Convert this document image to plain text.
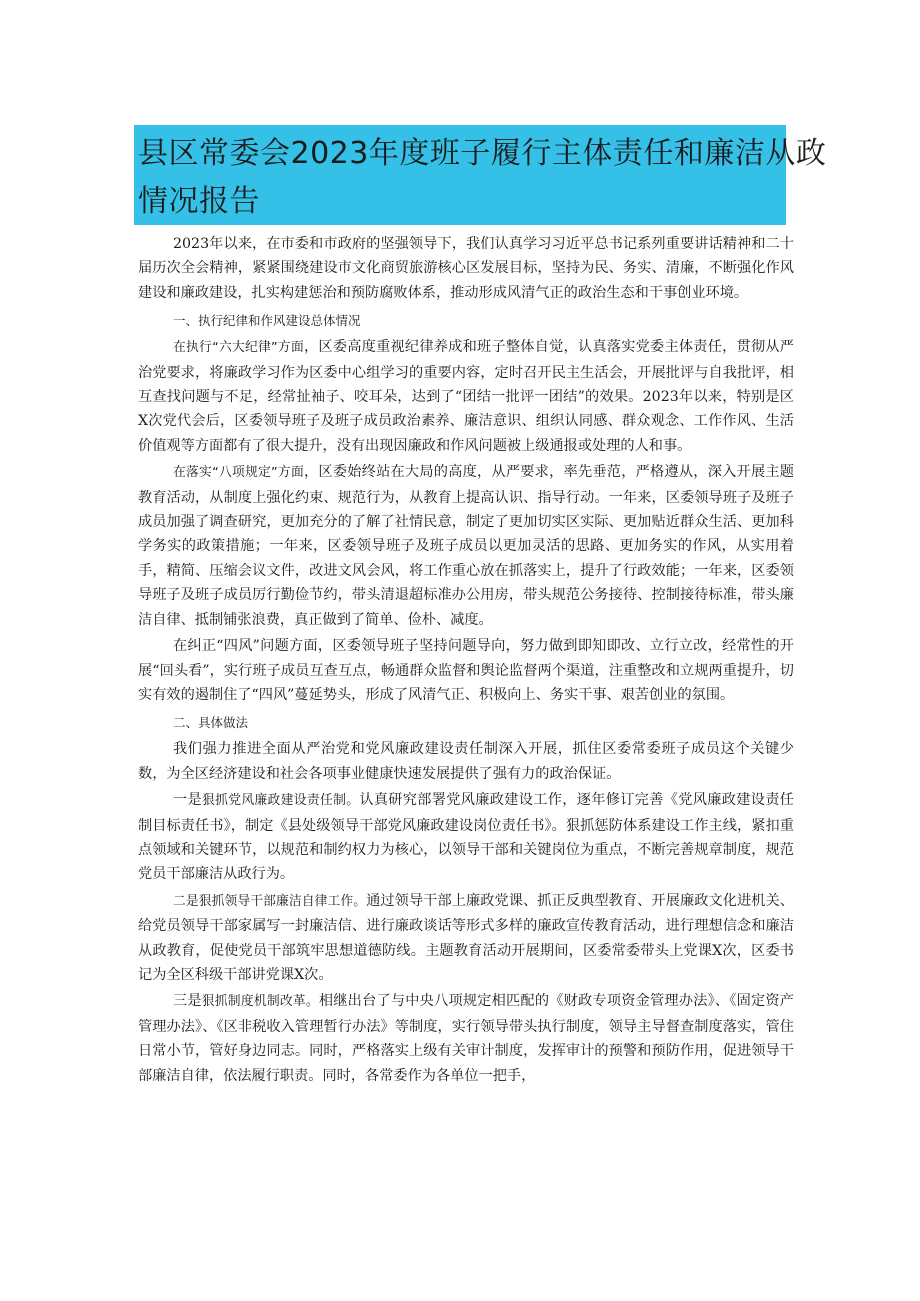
县区常委会2023年度班子履行主体责任和廉洁从政
情况报告

2023年以来，在市委和市政府的坚强领导下，我们认真学习习近平总书记系列重要讲话精神和二十届历次全会精神，紧紧围绕建设市文化商贸旅游核心区发展目标，坚持为民、务实、清廉，不断强化作风建设和廉政建设，扎实构建惩治和预防腐败体系，推动形成风清气正的政治生态和干事创业环境。

一、执行纪律和作风建设总体情况

在执行“六大纪律”方面，区委高度重视纪律养成和班子整体自觉，认真落实党委主体责任，贯彻从严治党要求，将廉政学习作为区委中心组学习的重要内容，定时召开民主生活会，开展批评与自我批评，相互查找问题与不足，经常扯袖子、咬耳朵，达到了“团结一批评一团结”的效果。2023年以来，特别是区X次党代会后，区委领导班子及班子成员政治素养、廉洁意识、组织认同感、群众观念、工作作风、生活价值观等方面都有了很大提升，没有出现因廉政和作风问题被上级通报或处理的人和事。

在落实“八项规定”方面，区委始终站在大局的高度，从严要求，率先垂范，严格遵从，深入开展主题教育活动，从制度上强化约束、规范行为，从教育上提高认识、指导行动。一年来，区委领导班子及班子成员加强了调查研究，更加充分的了解了社情民意，制定了更加切实区实际、更加贴近群众生活、更加科学务实的政策措施；一年来，区委领导班子及班子成员以更加灵活的思路、更加务实的作风，从实用着手，精简、压缩会议文件，改进文风会风，将工作重心放在抓落实上，提升了行政效能；一年来，区委领导班子及班子成员厉行勤俭节约，带头清退超标准办公用房，带头规范公务接待、控制接待标准，带头廉洁自律、抵制铺张浪费，真正做到了简单、俭朴、减度。

在纠正“四风”问题方面，区委领导班子坚持问题导向，努力做到即知即改、立行立改，经常性的开展“回头看”，实行班子成员互查互点，畅通群众监督和舆论监督两个渠道，注重整改和立规两重提升，切实有效的遏制住了“四风”蔓延势头，形成了风清气正、积极向上、务实干事、艰苦创业的氛围。

二、具体做法

我们强力推进全面从严治党和党风廉政建设责任制深入开展，抓住区委常委班子成员这个关键少数，为全区经济建设和社会各项事业健康快速发展提供了强有力的政治保证。

一是狠抓党风廉政建设责任制。认真研究部署党风廉政建设工作，逐年修订完善《党风廉政建设责任制目标责任书》，制定《县处级领导干部党风廉政建设岗位责任书》。狠抓惩防体系建设工作主线，紧扣重点领域和关键环节，以规范和制约权力为核心，以领导干部和关键岗位为重点，不断完善规章制度，规范党员干部廉洁从政行为。

二是狠抓领导干部廉洁自律工作。通过领导干部上廉政党课、抓正反典型教育、开展廉政文化进机关、给党员领导干部家属写一封廉洁信、进行廉政谈话等形式多样的廉政宣传教育活动，进行理想信念和廉洁从政教育，促使党员干部筑牢思想道德防线。主题教育活动开展期间，区委常委带头上党课X次，区委书记为全区科级干部讲党课X次。

三是狠抓制度机制改革。相继出台了与中央八项规定相匹配的《财政专项资金管理办法》、《固定资产管理办法》、《区非税收入管理暂行办法》等制度，实行领导带头执行制度，领导主导督查制度落实，管住日常小节，管好身边同志。同时，严格落实上级有关审计制度，发挥审计的预警和预防作用，促进领导干部廉洁自律，依法履行职责。同时，各常委作为各单位一把手，
